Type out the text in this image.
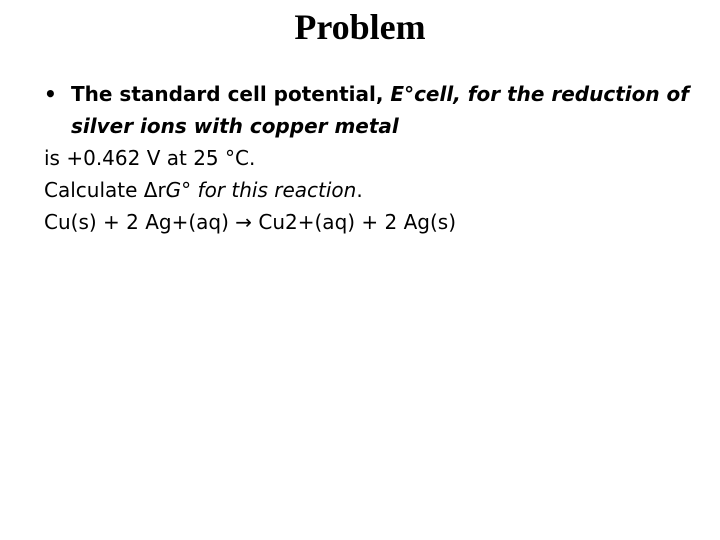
Problem
• The standard cell potential, E°cell, for the reduction of silver ions with copper metal
is +0.462 V at 25 °C.
Calculate ΔrG° for this reaction.
Cu(s) + 2 Ag+(aq) → Cu2+(aq) + 2 Ag(s)
